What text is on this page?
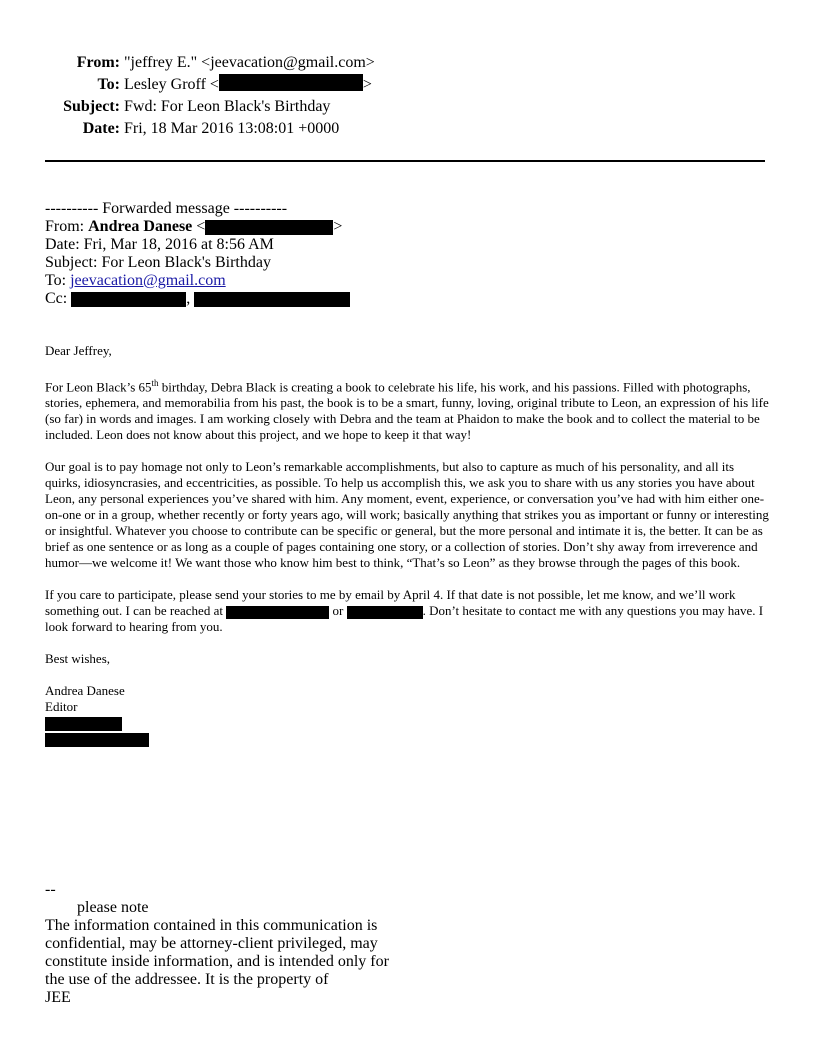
From: "jeffrey E." <jeevacation@gmail.com>
To: Lesley Groff <	>
Subject: Fwd: For Leon Black's Birthday
Date: Fri, 18 Mar 2016 13:08:01 +0000
---------- Forwarded message ----------
From: Andrea Danese <	>
Date: Fri, Mar 18, 2016 at 8:56 AM
Subject: For Leon Black's Birthday
To: jeevacation@gmail.com
Cc:	,

Dear Jeffrey,

For Leon Black’s 65th birthday, Debra Black is creating a book to celebrate his life, his work, and his passions. Filled with photographs, stories, ephemera, and memorabilia from his past, the book is to be a smart, funny, loving, original tribute to Leon, an expression of his life (so far) in words and images. I am working closely with Debra and the team at Phaidon to make the book and to collect the material to be included. Leon does not know about this project, and we hope to keep it that way!

Our goal is to pay homage not only to Leon’s remarkable accomplishments, but also to capture as much of his personality, and all its quirks, idiosyncrasies, and eccentricities, as possible. To help us accomplish this, we ask you to share with us any stories you have about Leon, any personal experiences you’ve shared with him. Any moment, event, experience, or conversation you’ve had with him either one-on-one or in a group, whether recently or forty years ago, will work; basically anything that strikes you as important or funny or interesting or insightful. Whatever you choose to contribute can be specific or general, but the more personal and intimate it is, the better. It can be as brief as one sentence or as long as a couple of pages containing one story, or a collection of stories. Don’t shy away from irreverence and humor—we welcome it! We want those who know him best to think, “That’s so Leon” as they browse through the pages of this book.

If you care to participate, please send your stories to me by email by April 4. If that date is not possible, let me know, and we’ll work something out. I can be reached at	or	. Don’t hesitate to contact me with any questions you may have. I look forward to hearing from you.

Best wishes,

Andrea Danese
Editor
--
please note
The information contained in this communication is
confidential, may be attorney-client privileged, may
constitute inside information, and is intended only for
the use of the addressee. It is the property of
JEE
